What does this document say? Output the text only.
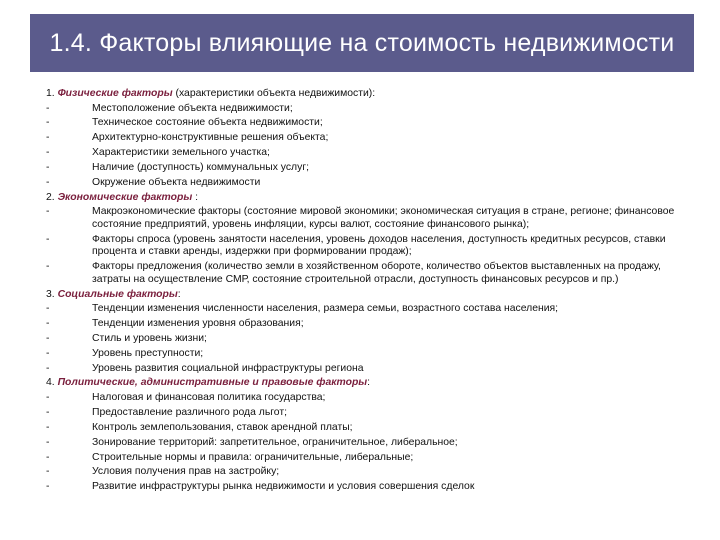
1.4. Факторы влияющие на стоимость недвижимости
1. Физические факторы (характеристики объекта недвижимости):
-	Местоположение объекта недвижимости;
-	Техническое состояние объекта недвижимости;
-	Архитектурно-конструктивные решения объекта;
-	Характеристики земельного участка;
-	Наличие (доступность) коммунальных услуг;
-	Окружение объекта недвижимости
2. Экономические факторы :
-	Макроэкономические факторы (состояние мировой экономики; экономическая ситуация в стране, регионе; финансовое состояние предприятий, уровень инфляции, курсы валют, состояние финансового рынка);
-	Факторы спроса (уровень занятости населения, уровень доходов населения, доступность кредитных ресурсов, ставки процента и ставки аренды, издержки при формировании продаж);
-	Факторы предложения (количество земли в хозяйственном обороте, количество объектов выставленных на продажу, затраты на осуществление СМР, состояние строительной отрасли, доступность финансовых ресурсов и пр.)
3. Социальные факторы:
-	Тенденции изменения численности населения, размера семьи, возрастного состава населения;
-	Тенденции изменения уровня образования;
-	Стиль и уровень жизни;
-	Уровень преступности;
-	Уровень развития социальной инфраструктуры региона
4. Политические, административные и правовые факторы:
-	Налоговая и финансовая политика государства;
-	Предоставление различного рода льгот;
-	Контроль землепользования, ставок арендной платы;
-	Зонирование территорий: запретительное, ограничительное, либеральное;
-	Строительные нормы и правила: ограничительные, либеральные;
-	Условия получения прав на застройку;
-	Развитие инфраструктуры рынка недвижимости и условия совершения сделок
